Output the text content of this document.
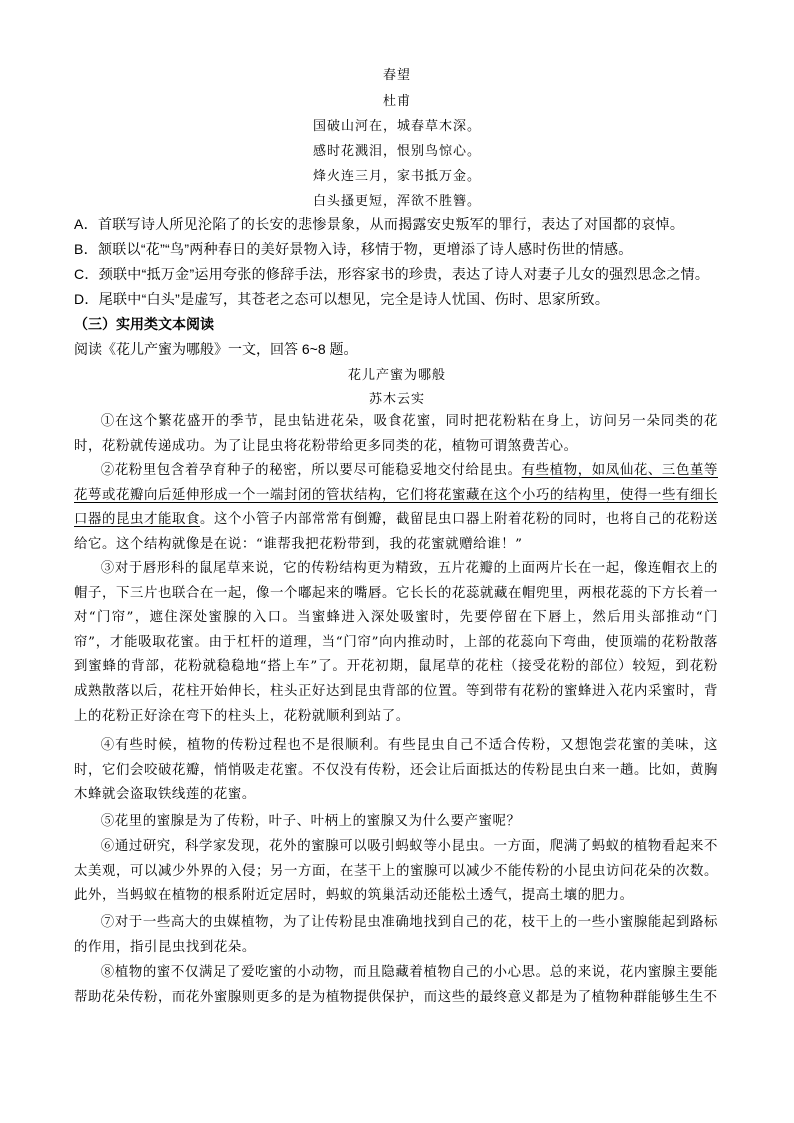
春望
杜甫
国破山河在，城春草木深。
感时花溅泪，恨别鸟惊心。
烽火连三月，家书抵万金。
白头搔更短，浑欲不胜簪。
A．首联写诗人所见沦陷了的长安的悲惨景象，从而揭露安史叛军的罪行，表达了对国都的哀悼。
B．颔联以“花”“鸟”两种春日的美好景物入诗，移情于物，更增添了诗人感时伤世的情感。
C．颈联中“抵万金”运用夸张的修辞手法，形容家书的珍贵，表达了诗人对妻子儿女的强烈思念之情。
D．尾联中“白头”是虚写，其苍老之态可以想见，完全是诗人忧国、伤时、思家所致。
（三）实用类文本阅读
阅读《花儿产蜜为哪般》一文，回答 6~8 题。
花儿产蜜为哪般
苏木云实

①在这个繁花盛开的季节，昆虫钻进花朵，吸食花蜜，同时把花粉粘在身上，访问另一朵同类的花时，花粉就传递成功。为了让昆虫将花粉带给更多同类的花，植物可谓煞费苦心。

②花粉里包含着孕育种子的秘密，所以要尽可能稳妥地交付给昆虫。有些植物，如凤仙花、三色堇等花萼或花瓣向后延伸形成一个一端封闭的管状结构，它们将花蜜藏在这个小巧的结构里，使得一些有细长口器的昆虫才能取食。这个小管子内部常常有倒瓣，截留昆虫口器上附着花粉的同时，也将自己的花粉送给它。这个结构就像是在说：“谁帮我把花粉带到，我的花蜜就赠给谁！”

③对于唇形科的鼠尾草来说，它的传粉结构更为精致，五片花瓣的上面两片长在一起，像连帽衣上的帽子，下三片也联合在一起，像一个嘟起来的嘴唇。它长长的花蕊就藏在帽兜里，两根花蕊的下方长着一对“门帘”，遮住深处蜜腺的入口。当蜜蜂进入深处吸蜜时，先要停留在下唇上，然后用头部推动“门帘”，才能吸取花蜜。由于杠杆的道理，当“门帘”向内推动时，上部的花蕊向下弯曲，使顶端的花粉散落到蜜蜂的背部，花粉就稳稳地“搭上车”了。开花初期，鼠尾草的花柱（接受花粉的部位）较短，到花粉成熟散落以后，花柱开始伸长，柱头正好达到昆虫背部的位置。等到带有花粉的蜜蜂进入花内采蜜时，背上的花粉正好涂在弯下的柱头上，花粉就顺利到站了。

④有些时候，植物的传粉过程也不是很顺利。有些昆虫自己不适合传粉，又想饱尝花蜜的美味，这时，它们会咬破花瓣，悄悄吸走花蜜。不仅没有传粉，还会让后面抵达的传粉昆虫白来一趟。比如，黄胸木蜂就会盗取铁线莲的花蜜。

⑤花里的蜜腺是为了传粉，叶子、叶柄上的蜜腺又为什么要产蜜呢？

⑥通过研究，科学家发现，花外的蜜腺可以吸引蚂蚁等小昆虫。一方面，爬满了蚂蚁的植物看起来不太美观，可以减少外界的入侵；另一方面，在茎干上的蜜腺可以减少不能传粉的小昆虫访问花朵的次数。此外，当蚂蚁在植物的根系附近定居时，蚂蚁的筑巢活动还能松土透气，提高土壤的肥力。

⑦对于一些高大的虫媒植物，为了让传粉昆虫准确地找到自己的花，枝干上的一些小蜜腺能起到路标的作用，指引昆虫找到花朵。

⑧植物的蜜不仅满足了爱吃蜜的小动物，而且隐藏着植物自己的小心思。总的来说，花内蜜腺主要能帮助花朵传粉，而花外蜜腺则更多的是为植物提供保护，而这些的最终意义都是为了植物种群能够生生不
